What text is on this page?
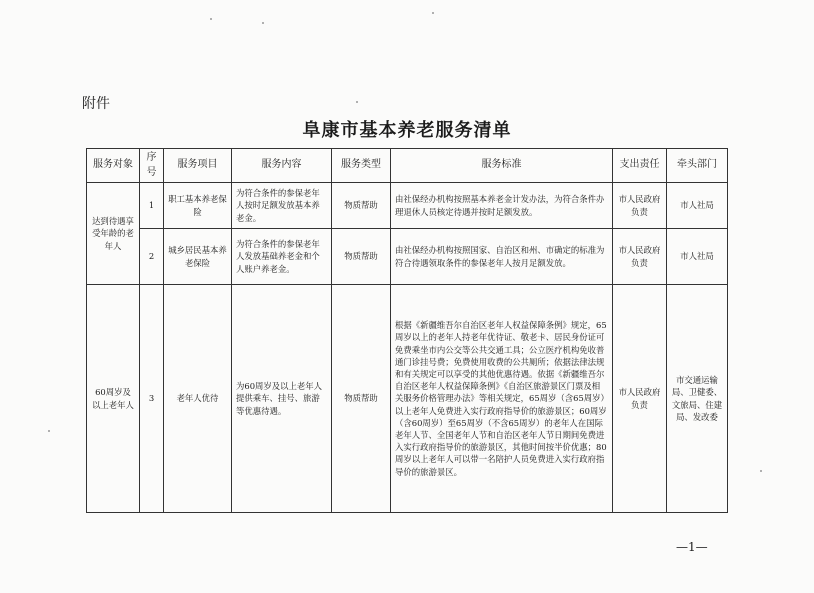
附件
阜康市基本养老服务清单
服务对象	序号	服务项目	服务内容	服务类型	服务标准	支出责任	牵头部门
达到待遇享受年龄的老年人	1	职工基本养老保险	为符合条件的参保老年人按时足额发放基本养老金。	物质帮助	由社保经办机构按照基本养老金计发办法，为符合条件办理退休人员核定待遇并按时足额发放。	市人民政府负责	市人社局
	2	城乡居民基本养老保险	为符合条件的参保老年人发放基础养老金和个人账户养老金。	物质帮助	由社保经办机构按照国家、自治区和州、市确定的标准为符合待遇领取条件的参保老年人按月足额发放。	市人民政府负责	市人社局
60周岁及以上老年人	3	老年人优待	为60周岁及以上老年人提供乘车、挂号、旅游等优惠待遇。	物质帮助	根据《新疆维吾尔自治区老年人权益保障条例》规定，65周岁以上的老年人持老年优待证、敬老卡、居民身份证可免费乘坐市内公交等公共交通工具；公立医疗机构免收普通门诊挂号费；免费使用收费的公共厕所；依据法律法规和有关规定可以享受的其他优惠待遇。依据《新疆维吾尔自治区老年人权益保障条例》《自治区旅游景区门票及相关服务价格管理办法》等相关规定，65周岁（含65周岁）以上老年人免费进入实行政府指导价的旅游景区；60周岁（含60周岁）至65周岁（不含65周岁）的老年人在国际老年人节、全国老年人节和自治区老年人节日期间免费进入实行政府指导价的旅游景区，其他时间按半价优惠；80周岁以上老年人可以带一名陪护人员免费进入实行政府指导价的旅游景区。	市人民政府负责	市交通运输局、卫健委、文旅局、住建局、发改委
—1—
